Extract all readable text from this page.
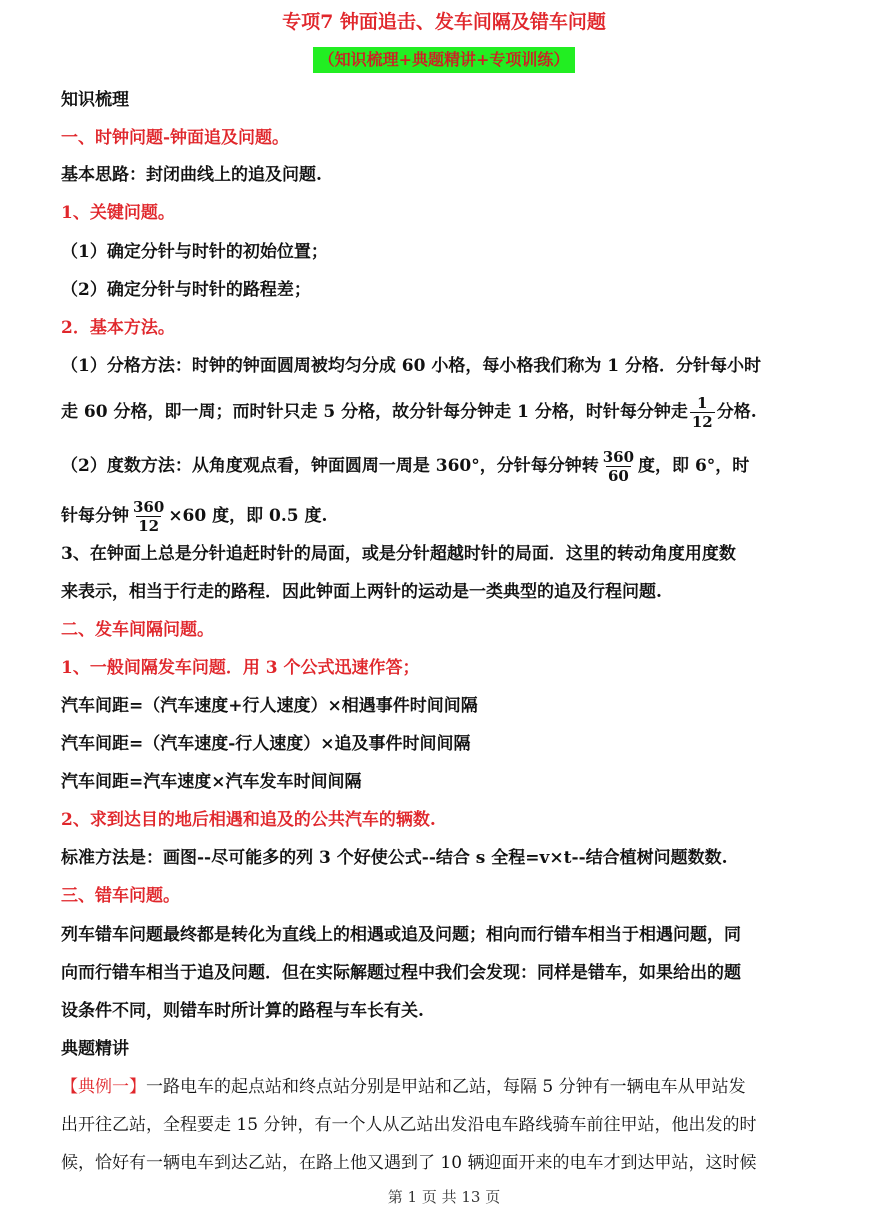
专项7 钟面追击、发车间隔及错车问题
（知识梳理+典题精讲+专项训练）
知识梳理
一、时钟问题-钟面追及问题。
基本思路：封闭曲线上的追及问题.
1、关键问题。
（1）确定分针与时针的初始位置；
（2）确定分针与时针的路程差；
2．基本方法。
（1）分格方法：时钟的钟面圆周被均匀分成 60 小格，每小格我们称为 1 分格．分针每小时
走 60 分格，即一周；而时针只走 5 分格，故分针每分钟走 1 分格，时针每分钟走 $\frac{1}{12}$ 分格.
（2）度数方法：从角度观点看，钟面圆周一周是 360°，分针每分钟转 $\frac{360}{60}$ 度，即 6°，时
针每分钟 $\frac{360}{12} \times 60$ 度，即 0.5 度.
3、在钟面上总是分针追赶时针的局面，或是分针超越时针的局面．这里的转动角度用度数
来表示，相当于行走的路程．因此钟面上两针的运动是一类典型的追及行程问题.
二、发车间隔问题。
1、一般间隔发车问题．用 3 个公式迅速作答；
汽车间距=（汽车速度+行人速度）×相遇事件时间间隔
汽车间距=（汽车速度-行人速度）×追及事件时间间隔
汽车间距=汽车速度×汽车发车时间间隔
2、求到达目的地后相遇和追及的公共汽车的辆数.
标准方法是：画图--尽可能多的列 3 个好使公式--结合 s 全程=v×t--结合植树问题数数.
三、错车问题。
列车错车问题最终都是转化为直线上的相遇或追及问题；相向而行错车相当于相遇问题，同
向而行错车相当于追及问题．但在实际解题过程中我们会发现：同样是错车，如果给出的题
设条件不同，则错车时所计算的路程与车长有关.
典题精讲
【典例一】一路电车的起点站和终点站分别是甲站和乙站，每隔 5 分钟有一辆电车从甲站发
出开往乙站，全程要走 15 分钟，有一个人从乙站出发沿电车路线骑车前往甲站，他出发的时
候，恰好有一辆电车到达乙站，在路上他又遇到了 10 辆迎面开来的电车才到达甲站，这时候
第 1 页 共 13 页
